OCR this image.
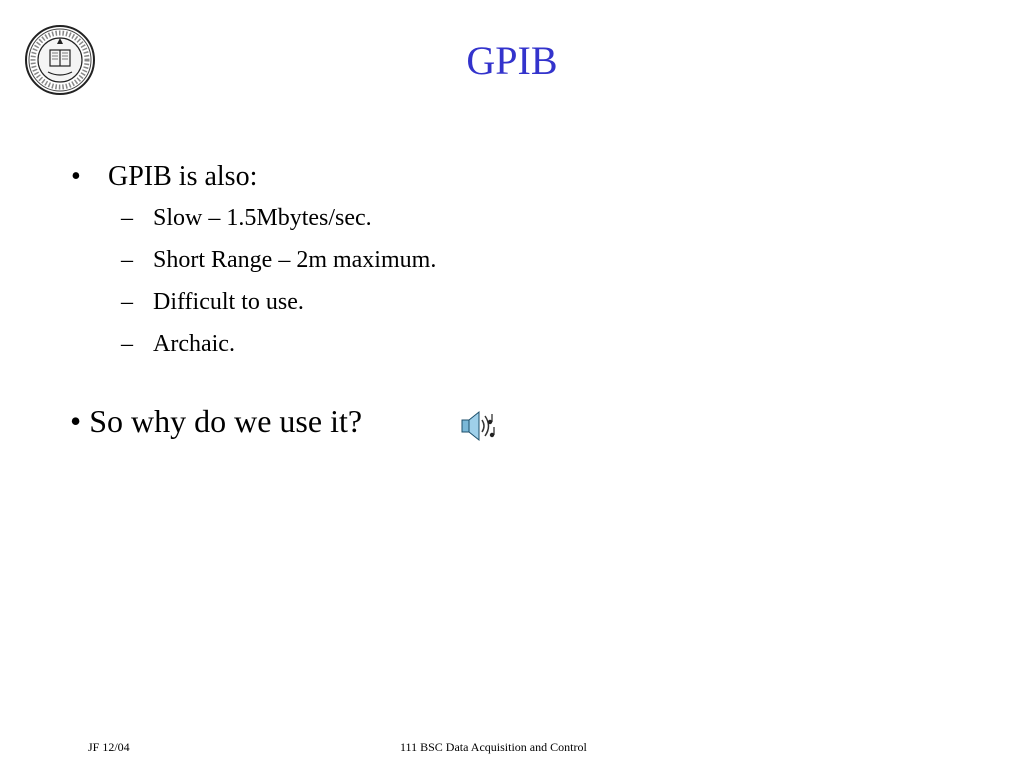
GPIB
• GPIB is also:
– Slow – 1.5Mbytes/sec.
– Short Range – 2m maximum.
– Difficult to use.
– Archaic.
• So why do we use it?
JF 12/04	111 BSC Data Acquisition and Control
